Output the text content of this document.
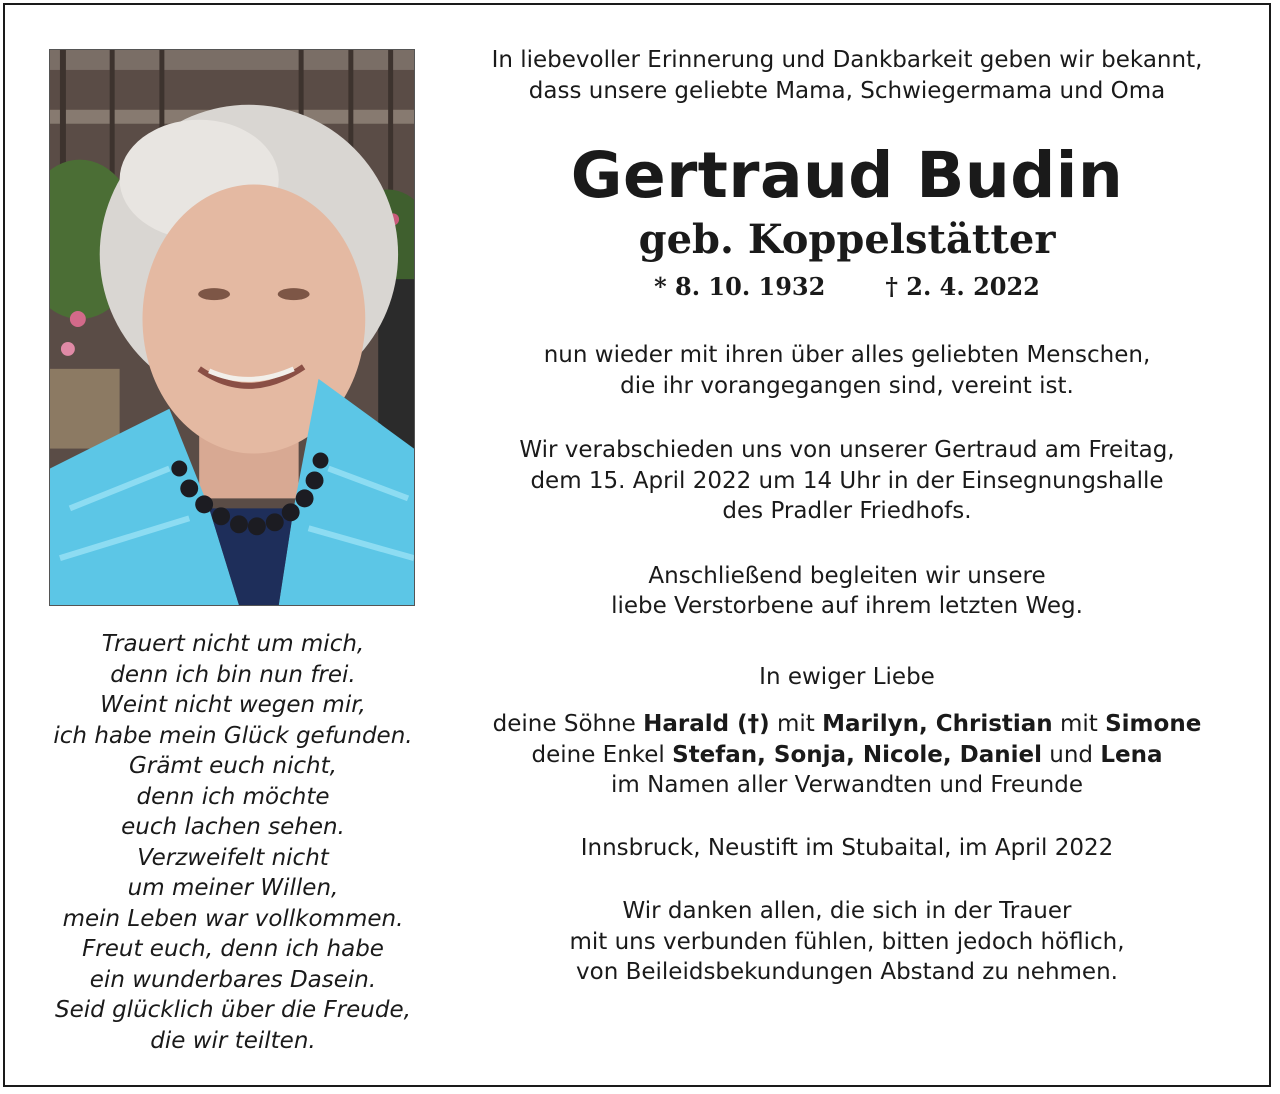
Trauert nicht um mich,
denn ich bin nun frei.
Weint nicht wegen mir,
ich habe mein Glück gefunden.
Grämt euch nicht,
denn ich möchte
euch lachen sehen.
Verzweifelt nicht
um meiner Willen,
mein Leben war vollkommen.
Freut euch, denn ich habe
ein wunderbares Dasein.
Seid glücklich über die Freude,
die wir teilten.
In liebevoller Erinnerung und Dankbarkeit geben wir bekannt,
dass unsere geliebte Mama, Schwiegermama und Oma
Gertraud Budin
geb. Koppelstätter
* 8. 10. 1932	† 2. 4. 2022
nun wieder mit ihren über alles geliebten Menschen,
die ihr vorangegangen sind, vereint ist.
Wir verabschieden uns von unserer Gertraud am Freitag,
dem 15. April 2022 um 14 Uhr in der Einsegnungshalle
des Pradler Friedhofs.
Anschließend begleiten wir unsere
liebe Verstorbene auf ihrem letzten Weg.
In ewiger Liebe
deine Söhne Harald (†) mit Marilyn, Christian mit Simone
deine Enkel Stefan, Sonja, Nicole, Daniel und Lena
im Namen aller Verwandten und Freunde
Innsbruck, Neustift im Stubaital, im April 2022
Wir danken allen, die sich in der Trauer
mit uns verbunden fühlen, bitten jedoch höflich,
von Beileidsbekundungen Abstand zu nehmen.
